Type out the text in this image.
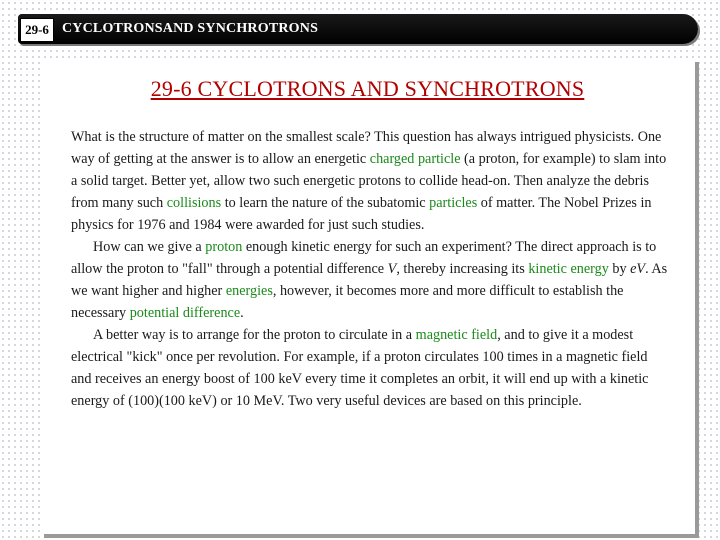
29-6 CYCLOTRONSAND SYNCHROTRONS
29-6 CYCLOTRONS AND SYNCHROTRONS

What is the structure of matter on the smallest scale? This question has always intrigued physicists. One way of getting at the answer is to allow an energetic charged particle (a proton, for example) to slam into a solid target. Better yet, allow two such energetic protons to collide head-on. Then analyze the debris from many such collisions to learn the nature of the subatomic particles of matter. The Nobel Prizes in physics for 1976 and 1984 were awarded for just such studies.

How can we give a proton enough kinetic energy for such an experiment? The direct approach is to allow the proton to "fall" through a potential difference V, thereby increasing its kinetic energy by eV. As we want higher and higher energies, however, it becomes more and more difficult to establish the necessary potential difference.

A better way is to arrange for the proton to circulate in a magnetic field, and to give it a modest electrical "kick" once per revolution. For example, if a proton circulates 100 times in a magnetic field and receives an energy boost of 100 keV every time it completes an orbit, it will end up with a kinetic energy of (100)(100 keV) or 10 MeV. Two very useful devices are based on this principle.
